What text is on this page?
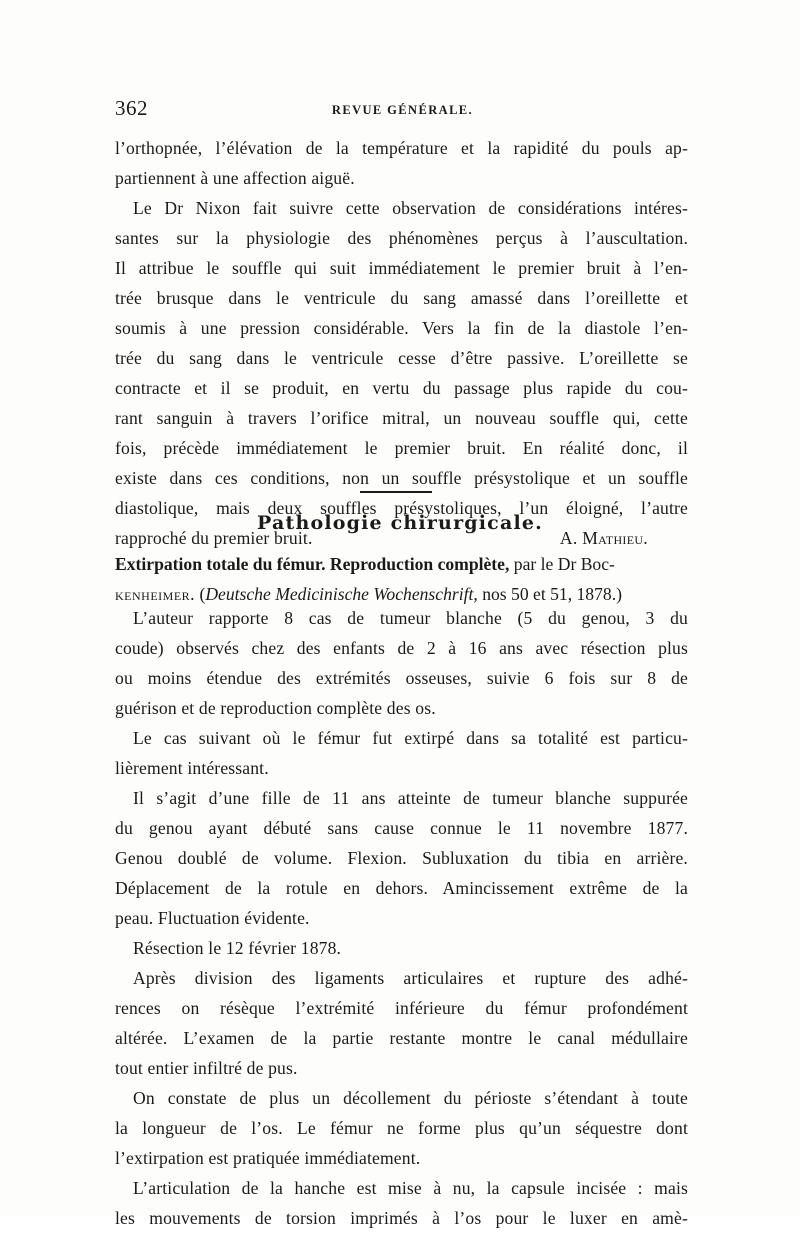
362	REVUE GÉNÉRALE.
l’orthopnée, l’élévation de la température et la rapidité du pouls ap-
partiennent à une affection aiguë.
Le Dr Nixon fait suivre cette observation de considérations intéres-
santes sur la physiologie des phénomènes perçus à l’auscultation.
Il attribue le souffle qui suit immédiatement le premier bruit à l’en-
trée brusque dans le ventricule du sang amassé dans l’oreillette et
soumis à une pression considérable. Vers la fin de la diastole l’en-
trée du sang dans le ventricule cesse d’être passive. L’oreillette se
contracte et il se produit, en vertu du passage plus rapide du cou-
rant sanguin à travers l’orifice mitral, un nouveau souffle qui, cette
fois, précède immédiatement le premier bruit. En réalité donc, il
existe dans ces conditions, non un souffle présystolique et un souffle
diastolique, mais deux souffles présystoliques, l’un éloigné, l’autre
rapproché du premier bruit.	A. Mathieu.
Pathologie chirurgicale.
Extirpation totale du fémur. Reproduction complète, par le Dr Boc-
kenheimer. (Deutsche Medicinische Wochenschrift, nos 50 et 51, 1878.)
L’auteur rapporte 8 cas de tumeur blanche (5 du genou, 3 du
coude) observés chez des enfants de 2 à 16 ans avec résection plus
ou moins étendue des extrémités osseuses, suivie 6 fois sur 8 de
guérison et de reproduction complète des os.
Le cas suivant où le fémur fut extirpé dans sa totalité est particu-
lièrement intéressant.
Il s’agit d’une fille de 11 ans atteinte de tumeur blanche suppurée
du genou ayant débuté sans cause connue le 11 novembre 1877.
Genou doublé de volume. Flexion. Subluxation du tibia en arrière.
Déplacement de la rotule en dehors. Amincissement extrême de la
peau. Fluctuation évidente.
Résection le 12 février 1878.
Après division des ligaments articulaires et rupture des adhé-
rences on résèque l’extrémité inférieure du fémur profondément
altérée. L’examen de la partie restante montre le canal médullaire
tout entier infiltré de pus.
On constate de plus un décollement du périoste s’étendant à toute
la longueur de l’os. Le fémur ne forme plus qu’un séquestre dont
l’extirpation est pratiquée immédiatement.
L’articulation de la hanche est mise à nu, la capsule incisée : mais
les mouvements de torsion imprimés à l’os pour le luxer en amè-
